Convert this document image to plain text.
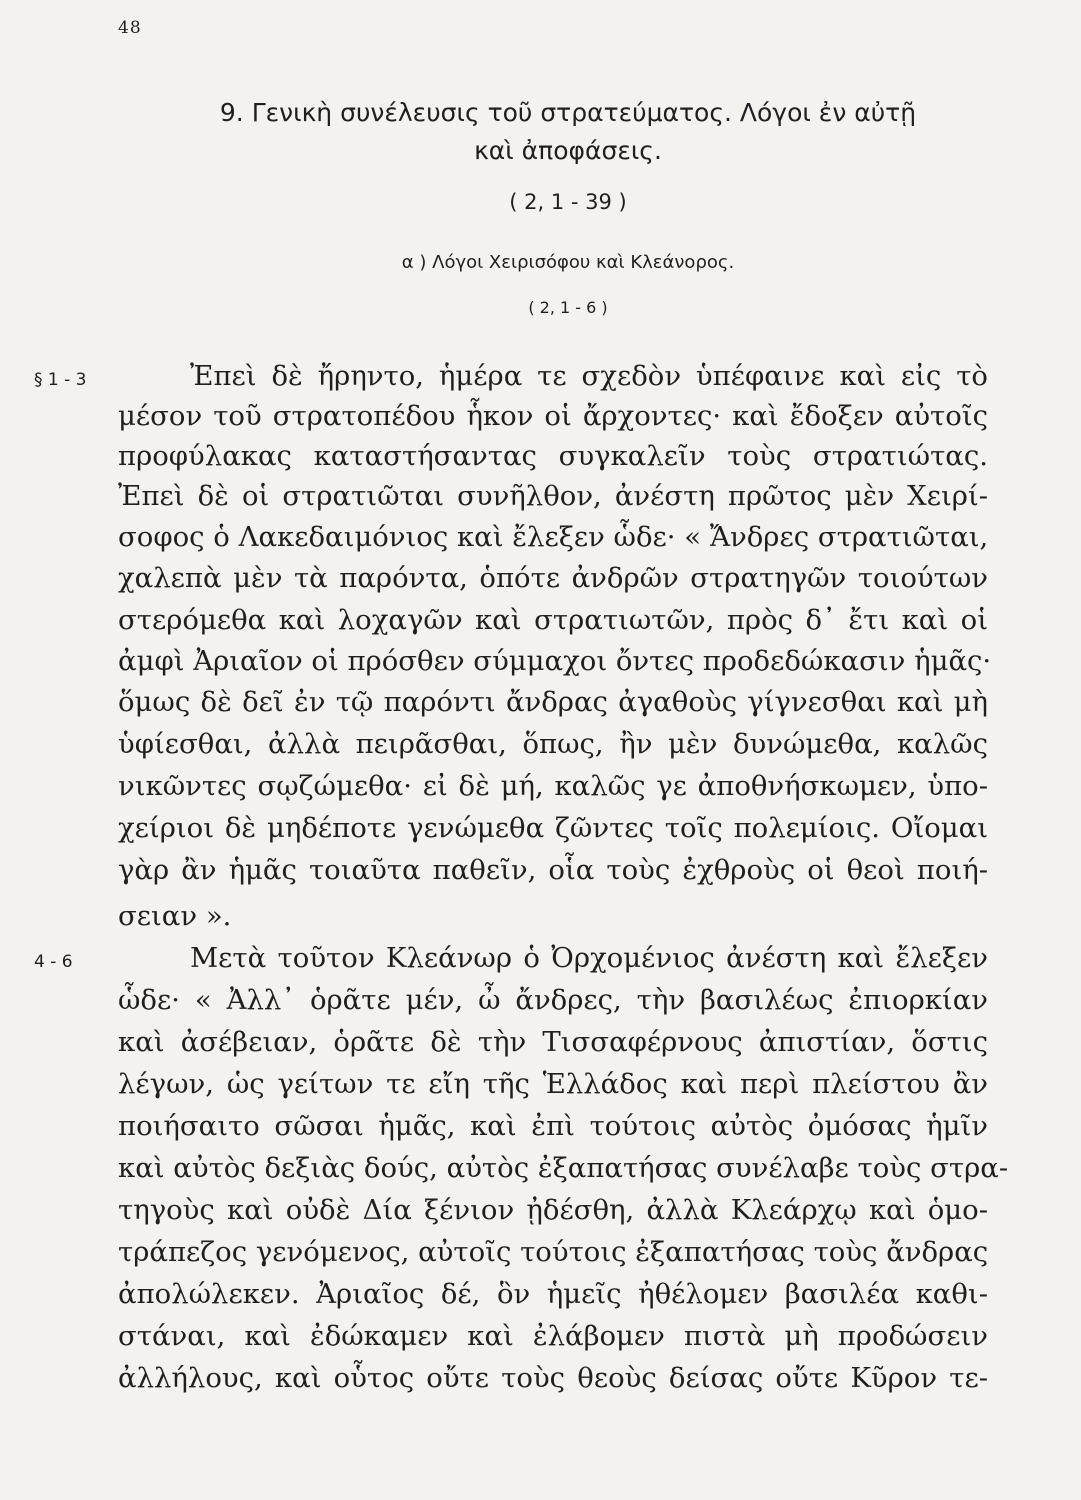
48
9. Γενικὴ συνέλευσις τοῦ στρατεύματος. Λόγοι ἐν αὐτῇ
καὶ ἀποφάσεις.
( 2, 1 - 39 )
α ) Λόγοι Χειρισόφου καὶ Κλεάνορος.
( 2, 1 - 6 )
§ 1 - 3
4 - 6
Ἐπεὶ δὲ ἤρηντο, ἡμέρα τε σχεδὸν ὑπέφαινε καὶ εἰς τὸ
μέσον τοῦ στρατοπέδου ἧκον οἱ ἄρχοντες· καὶ ἔδοξεν αὐτοῖς
προφύλακας καταστήσαντας συγκαλεῖν τοὺς στρατιώτας.
Ἐπεὶ δὲ οἱ στρατιῶται συνῆλθον, ἀνέστη πρῶτος μὲν Χειρί-
σοφος ὁ Λακεδαιμόνιος καὶ ἔλεξεν ὧδε· « Ἄνδρες στρατιῶται,
χαλεπὰ μὲν τὰ παρόντα, ὁπότε ἀνδρῶν στρατηγῶν τοιούτων
στερόμεθα καὶ λοχαγῶν καὶ στρατιωτῶν, πρὸς δ᾽ ἔτι καὶ οἱ
ἀμφὶ Ἀριαῖον οἱ πρόσθεν σύμμαχοι ὄντες προδεδώκασιν ἡμᾶς·
ὅμως δὲ δεῖ ἐν τῷ παρόντι ἄνδρας ἀγαθοὺς γίγνεσθαι καὶ μὴ
ὑφίεσθαι, ἀλλὰ πειρᾶσθαι, ὅπως, ἢν μὲν δυνώμεθα, καλῶς
νικῶντες σῳζώμεθα· εἰ δὲ μή, καλῶς γε ἀποθνήσκωμεν, ὑπο-
χείριοι δὲ μηδέποτε γενώμεθα ζῶντες τοῖς πολεμίοις. Οἴομαι
γὰρ ἂν ἡμᾶς τοιαῦτα παθεῖν, οἷα τοὺς ἐχθροὺς οἱ θεοὶ ποιή-
σειαν ».
Μετὰ τοῦτον Κλεάνωρ ὁ Ὀρχομένιος ἀνέστη καὶ ἔλεξεν
ὧδε· « Ἀλλ᾽ ὁρᾶτε μέν, ὦ ἄνδρες, τὴν βασιλέως ἐπιορκίαν
καὶ ἀσέβειαν, ὁρᾶτε δὲ τὴν Τισσαφέρνους ἀπιστίαν, ὅστις
λέγων, ὡς γείτων τε εἴη τῆς Ἑλλάδος καὶ περὶ πλείστου ἂν
ποιήσαιτο σῶσαι ἡμᾶς, καὶ ἐπὶ τούτοις αὐτὸς ὀμόσας ἡμῖν
καὶ αὐτὸς δεξιὰς δούς, αὐτὸς ἐξαπατήσας συνέλαβε τοὺς στρα-
τηγοὺς καὶ οὐδὲ Δία ξένιον ᾐδέσθη, ἀλλὰ Κλεάρχῳ καὶ ὁμο-
τράπεζος γενόμενος, αὐτοῖς τούτοις ἐξαπατήσας τοὺς ἄνδρας
ἀπολώλεκεν. Ἀριαῖος δέ, ὃν ἡμεῖς ἠθέλομεν βασιλέα καθι-
στάναι, καὶ ἐδώκαμεν καὶ ἐλάβομεν πιστὰ μὴ προδώσειν
ἀλλήλους, καὶ οὗτος οὔτε τοὺς θεοὺς δείσας οὔτε Κῦρον τε-
